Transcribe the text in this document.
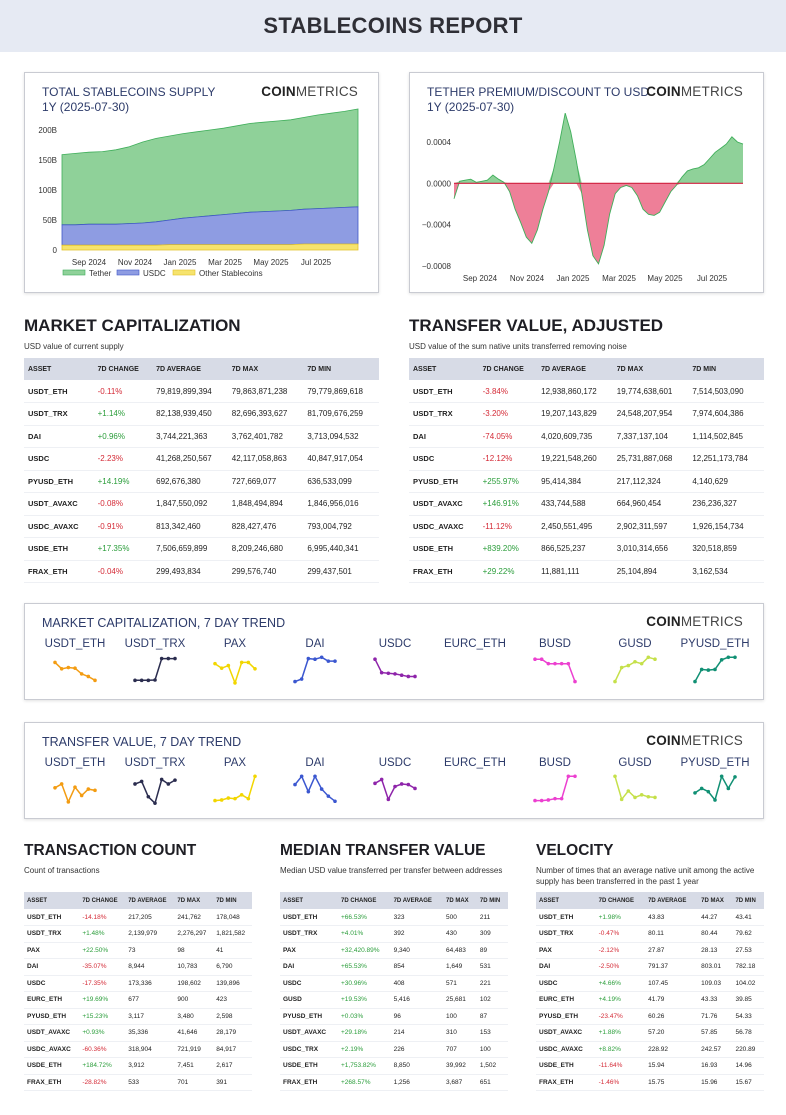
STABLECOINS REPORT
TOTAL STABLECOINS SUPPLY
1Y (2025-07-30)
COINMETRICS
200B
150B
100B
50B
0
Sep 2024 Nov 2024 Jan 2025 Mar 2025 May 2025 Jul 2025
Tether	USDC	Other Stablecoins
TETHER PREMIUM/DISCOUNT TO USD
1Y (2025-07-30)
COINMETRICS
0.0004
0.0000
−0.0004
−0.0008
Sep 2024 Nov 2024 Jan 2025 Mar 2025 May 2025 Jul 2025
MARKET CAPITALIZATION
USD value of current supply
ASSET	7D CHANGE	7D AVERAGE	7D MAX	7D MIN
USDT_ETH	-0.11%	79,819,899,394	79,863,871,238	79,779,869,618
USDT_TRX	+1.14%	82,138,939,450	82,696,393,627	81,709,676,259
DAI	+0.96%	3,744,221,363	3,762,401,782	3,713,094,532
USDC	-2.23%	41,268,250,567	42,117,058,863	40,847,917,054
PYUSD_ETH	+14.19%	692,676,380	727,669,077	636,533,099
USDT_AVAXC	-0.08%	1,847,550,092	1,848,494,894	1,846,956,016
USDC_AVAXC	-0.91%	813,342,460	828,427,476	793,004,792
USDE_ETH	+17.35%	7,506,659,899	8,209,246,680	6,995,440,341
FRAX_ETH	-0.04%	299,493,834	299,576,740	299,437,501
TRANSFER VALUE, ADJUSTED
USD value of the sum native units transferred removing noise
ASSET	7D CHANGE	7D AVERAGE	7D MAX	7D MIN
USDT_ETH	-3.84%	12,938,860,172	19,774,638,601	7,514,503,090
USDT_TRX	-3.20%	19,207,143,829	24,548,207,954	7,974,604,386
DAI	-74.05%	4,020,609,735	7,337,137,104	1,114,502,845
USDC	-12.12%	19,221,548,260	25,731,887,068	12,251,173,784
PYUSD_ETH	+255.97%	95,414,384	217,112,324	4,140,629
USDT_AVAXC	+146.91%	433,744,588	664,960,454	236,236,327
USDC_AVAXC	-11.12%	2,450,551,495	2,902,311,597	1,926,154,734
USDE_ETH	+839.20%	866,525,237	3,010,314,656	320,518,859
FRAX_ETH	+29.22%	11,881,111	25,104,894	3,162,534
MARKET CAPITALIZATION, 7 DAY TREND	COINMETRICS
USDT_ETH	USDT_TRX	PAX	DAI	USDC	EURC_ETH	BUSD	GUSD	PYUSD_ETH
TRANSFER VALUE, 7 DAY TREND	COINMETRICS
USDT_ETH	USDT_TRX	PAX	DAI	USDC	EURC_ETH	BUSD	GUSD	PYUSD_ETH
TRANSACTION COUNT
Count of transactions
ASSET	7D CHANGE	7D AVERAGE	7D MAX	7D MIN
USDT_ETH	-14.18%	217,205	241,762	178,048
USDT_TRX	+1.48%	2,139,979	2,276,297	1,821,582
PAX	+22.50%	73	98	41
DAI	-35.07%	8,944	10,783	6,790
USDC	-17.35%	173,336	198,602	139,896
EURC_ETH	+19.69%	677	900	423
PYUSD_ETH	+15.23%	3,117	3,480	2,598
USDT_AVAXC	+0.93%	35,336	41,646	28,179
USDC_AVAXC	-60.36%	318,904	721,919	84,917
USDE_ETH	+184.72%	3,912	7,451	2,617
FRAX_ETH	-28.82%	533	701	391
MEDIAN TRANSFER VALUE
Median USD value transferred per transfer between addresses
ASSET	7D CHANGE	7D AVERAGE	7D MAX	7D MIN
USDT_ETH	+66.53%	323	500	211
USDT_TRX	+4.01%	392	430	309
PAX	+32,420.89%	9,340	64,483	89
DAI	+65.53%	854	1,649	531
USDC	+30.96%	408	571	221
GUSD	+19.53%	5,416	25,681	102
PYUSD_ETH	+0.03%	96	100	87
USDT_AVAXC	+29.18%	214	310	153
USDC_TRX	+2.19%	226	707	100
USDE_ETH	+1,753.82%	8,850	39,992	1,502
FRAX_ETH	+268.57%	1,256	3,687	651
VELOCITY
Number of times that an average native unit among the active supply has been transferred in the past 1 year
ASSET	7D CHANGE	7D AVERAGE	7D MAX	7D MIN
USDT_ETH	+1.98%	43.83	44.27	43.41
USDT_TRX	-0.47%	80.11	80.44	79.62
PAX	-2.12%	27.87	28.13	27.53
DAI	-2.50%	791.37	803.01	782.18
USDC	+4.66%	107.45	109.03	104.02
EURC_ETH	+4.19%	41.79	43.33	39.85
PYUSD_ETH	-23.47%	60.26	71.76	54.33
USDT_AVAXC	+1.88%	57.20	57.85	56.78
USDC_AVAXC	+8.82%	228.92	242.57	220.89
USDE_ETH	-11.64%	15.94	16.93	14.96
FRAX_ETH	-1.46%	15.75	15.96	15.67
